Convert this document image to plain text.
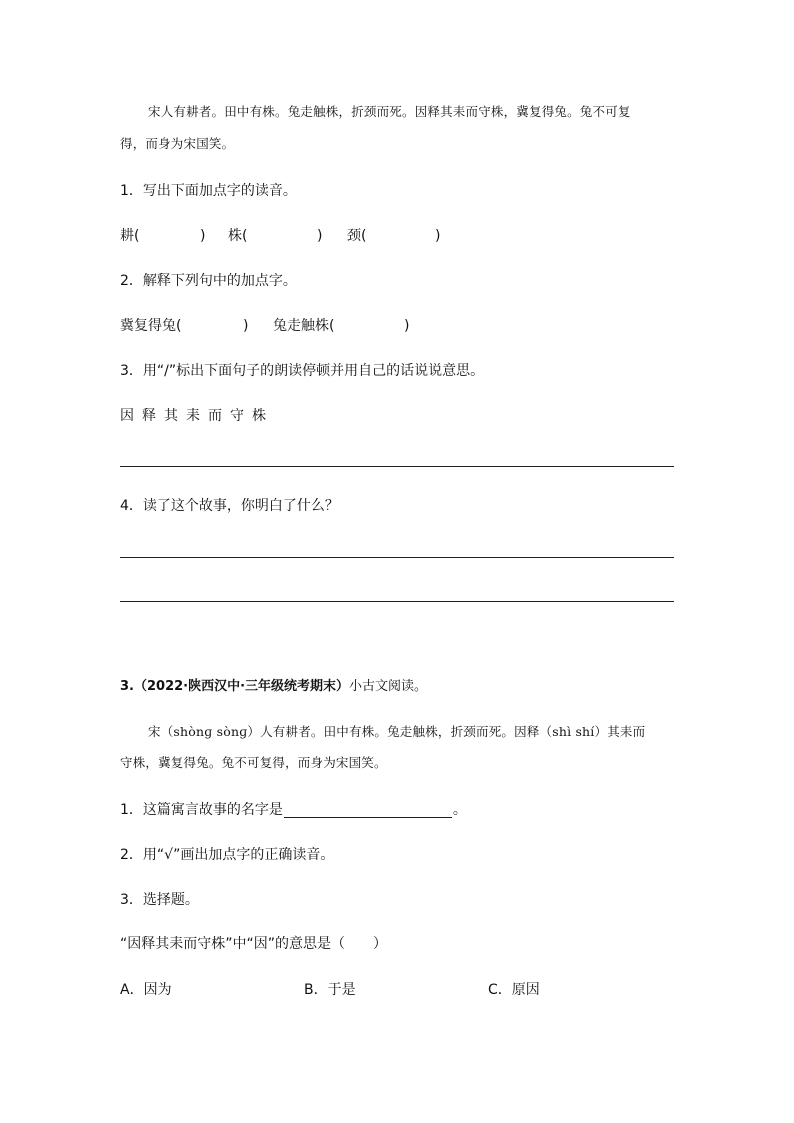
宋人有耕者。田中有株。兔走触株，折颈而死。因释其耒而守株，冀复得兔。兔不可复
得，而身为宋国笑。
1．写出下面加点字的读音。
耕(	) 株(	) 颈(	)
2．解释下列句中的加点字。
冀复得兔(	) 兔走触株(	)
3．用“/”标出下面句子的朗读停顿并用自己的话说说意思。
因释其耒而守株
4．读了这个故事，你明白了什么？
3.（2022·陕西汉中·三年级统考期末）小古文阅读。
宋（shònɡ sònɡ）人有耕者。田中有株。兔走触株，折颈而死。因释（shì shí）其耒而
守株，冀复得兔。兔不可复得，而身为宋国笑。
1．这篇寓言故事的名字是	。
2．用“√”画出加点字的正确读音。
3．选择题。
“因释其耒而守株”中“因”的意思是（　　）
A．因为	B．于是	C．原因
